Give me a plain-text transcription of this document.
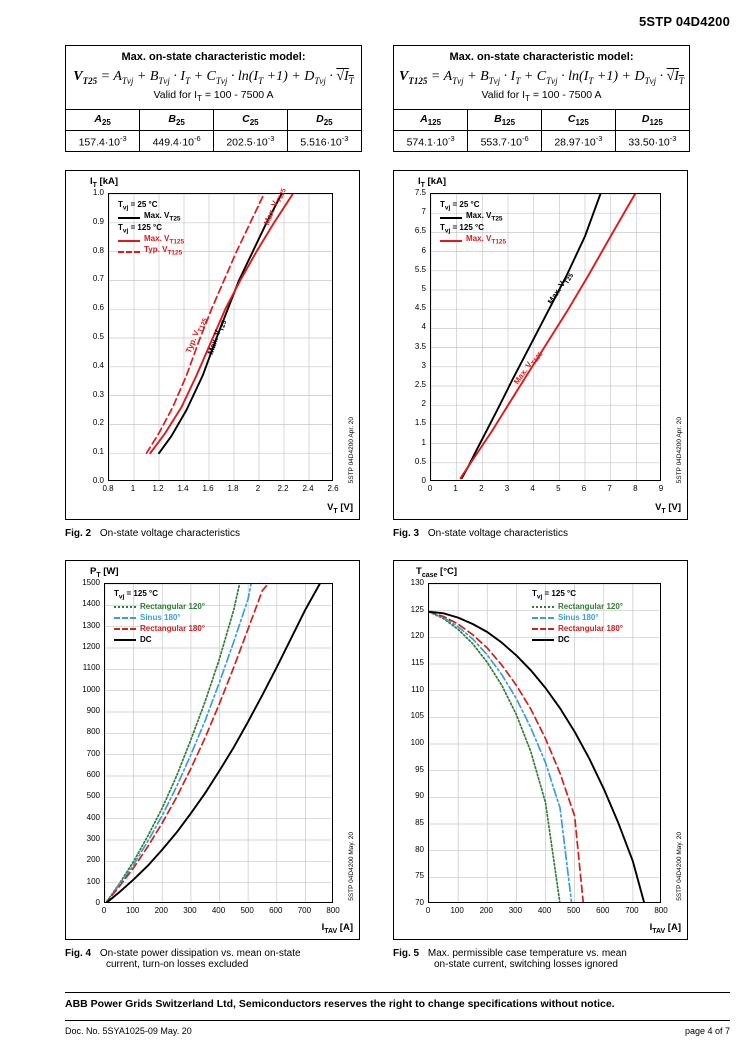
5STP 04D4200
Max. on-state characteristic model:
$V_{T25} = A_{Tvj} + B_{Tvj} \cdot I_T + C_{Tvj} \cdot \ln(I_T +1) + D_{Tvj} \cdot √I_T$
Valid for $I_T = 100 - 7500$ A
$A_{25}$	$B_{25}$	$C_{25}$	$D_{25}$
$157.4\cdot 10^{-3}$	$449.4\cdot 10^{-6}$	$202.5\cdot 10^{-3}$	$5.516\cdot 10^{-3}$
Max. on-state characteristic model:
$V_{T125} = A_{Tvj} + B_{Tvj} \cdot I_T + C_{Tvj} \cdot \ln(I_T +1) + D_{Tvj} \cdot √I_T$
Valid for $I_T = 100 - 7500$ A
$A_{125}$	$B_{125}$	$C_{125}$	$D_{125}$
$574.1\cdot 10^{-3}$	$553.7\cdot 10^{-6}$	$28.97\cdot 10^{-3}$	$33.50\cdot 10^{-3}$
$I_T$ [kA]
$V_T$ [V]
$T_{vj} = 25$ °C
Max. $V_{T25}$
$T_{vj} = 125$ °C
Max. $V_{T125}$
Typ. $V_{T125}$
Max. $V_{T125}$
Typ. $V_{T125}$
Max. $V_{T25}$
5STP 04D4200 Apr. 20
0.0
0.1
0.2
0.3
0.4
0.5
0.6
0.7
0.8
0.9
1.0
0.8	1	1.2	1.4	1.6	1.8	2	2.2	2.4	2.6
Fig. 2 On-state voltage characteristics
$I_T$ [kA]
$V_T$ [V]
$T_{vj} = 25$ °C
Max. $V_{T25}$
$T_{vj} = 125$ °C
Max. $V_{T125}$
Max. $V_{T25}$
Max. $V_{T125}$
5STP 04D4200 Apr. 20
0
0.5
1
1.5
2
2.5
3
3.5
4
4.5
5
5.5
6
6.5
7
7.5
0	1	2	3	4	5	6	7	8	9
Fig. 3 On-state voltage characteristics
$P_T$ [W]
$I_{TAV}$ [A]
$T_{vj} = 125$ °C
Rectangular 120°
Sinus 180°
Rectangular 180°
DC
5STP 04D4200 May. 20
0
100
200
300
400
500
600
700
800
900
1000
1100
1200
1300
1400
1500
0	100	200	300	400	500	600	700	800
Fig. 4 On-state power dissipation vs. mean on-state
current, turn-on losses excluded
$T_{case}$ [°C]
$I_{TAV}$ [A]
$T_{vj} = 125$ °C
Rectangular 120°
Sinus 180°
Rectangular 180°
DC
5STP 04D4200 May. 20
70
75
80
85
90
95
100
105
110
115
120
125
130
0	100	200	300	400	500	600	700	800
Fig. 5 Max. permissible case temperature vs. mean
on-state current, switching losses ignored
ABB Power Grids Switzerland Ltd, Semiconductors reserves the right to change specifications without notice.
Doc. No. 5SYA1025-09 May. 20	page 4 of 7
